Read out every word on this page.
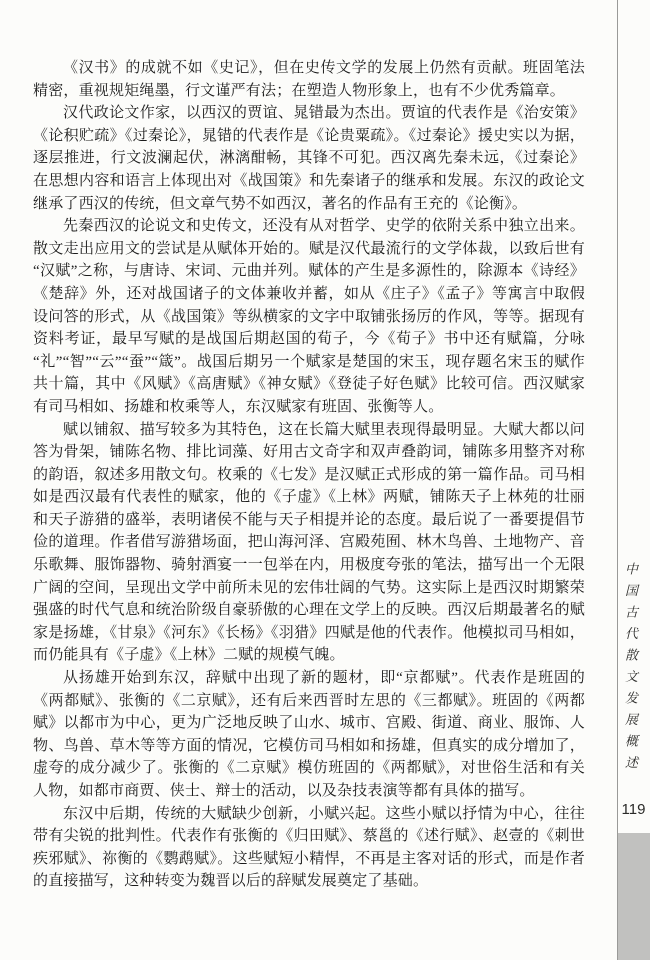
《汉书》的成就不如《史记》，但在史传文学的发展上仍然有贡献。班固笔法精密，重视规矩绳墨，行文谨严有法；在塑造人物形象上，也有不少优秀篇章。

汉代政论文作家，以西汉的贾谊、晁错最为杰出。贾谊的代表作是《治安策》《论积贮疏》《过秦论》，晁错的代表作是《论贵粟疏》。《过秦论》援史实以为据，逐层推进，行文波澜起伏，淋漓酣畅，其锋不可犯。西汉离先秦未远，《过秦论》在思想内容和语言上体现出对《战国策》和先秦诸子的继承和发展。东汉的政论文继承了西汉的传统，但文章气势不如西汉，著名的作品有王充的《论衡》。

先秦西汉的论说文和史传文，还没有从对哲学、史学的依附关系中独立出来。散文走出应用文的尝试是从赋体开始的。赋是汉代最流行的文学体裁，以致后世有“汉赋”之称，与唐诗、宋词、元曲并列。赋体的产生是多源性的，除源本《诗经》《楚辞》外，还对战国诸子的文体兼收并蓄，如从《庄子》《孟子》等寓言中取假设问答的形式，从《战国策》等纵横家的文字中取铺张扬厉的作风，等等。据现有资料考证，最早写赋的是战国后期赵国的荀子，今《荀子》书中还有赋篇，分咏“礼”“智”“云”“蚕”“箴”。战国后期另一个赋家是楚国的宋玉，现存题名宋玉的赋作共十篇，其中《风赋》《高唐赋》《神女赋》《登徒子好色赋》比较可信。西汉赋家有司马相如、扬雄和枚乘等人，东汉赋家有班固、张衡等人。

赋以铺叙、描写较多为其特色，这在长篇大赋里表现得最明显。大赋大都以问答为骨架，铺陈名物、排比词藻、好用古文奇字和双声叠韵词，铺陈多用整齐对称的韵语，叙述多用散文句。枚乘的《七发》是汉赋正式形成的第一篇作品。司马相如是西汉最有代表性的赋家，他的《子虚》《上林》两赋，铺陈天子上林苑的壮丽和天子游猎的盛举，表明诸侯不能与天子相提并论的态度。最后说了一番要提倡节俭的道理。作者借写游猎场面，把山海河泽、宫殿苑囿、林木鸟兽、土地物产、音乐歌舞、服饰器物、骑射酒宴一一包举在内，用极度夸张的笔法，描写出一个无限广阔的空间，呈现出文学中前所未见的宏伟壮阔的气势。这实际上是西汉时期繁荣强盛的时代气息和统治阶级自豪骄傲的心理在文学上的反映。西汉后期最著名的赋家是扬雄，《甘泉》《河东》《长杨》《羽猎》四赋是他的代表作。他模拟司马相如，而仍能具有《子虚》《上林》二赋的规模气魄。

从扬雄开始到东汉，辞赋中出现了新的题材，即“京都赋”。代表作是班固的《两都赋》、张衡的《二京赋》，还有后来西晋时左思的《三都赋》。班固的《两都赋》以都市为中心，更为广泛地反映了山水、城市、宫殿、街道、商业、服饰、人物、鸟兽、草木等等方面的情况，它模仿司马相如和扬雄，但真实的成分增加了，虚夸的成分减少了。张衡的《二京赋》模仿班固的《两都赋》，对世俗生活和有关人物，如都市商贾、侠士、辩士的活动，以及杂技表演等都有具体的描写。

东汉中后期，传统的大赋缺少创新，小赋兴起。这些小赋以抒情为中心，往往带有尖锐的批判性。代表作有张衡的《归田赋》、蔡邕的《述行赋》、赵壹的《刺世疾邪赋》、祢衡的《鹦鹉赋》。这些赋短小精悍，不再是主客对话的形式，而是作者的直接描写，这种转变为魏晋以后的辞赋发展奠定了基础。

中国古代散文发展概述
119
